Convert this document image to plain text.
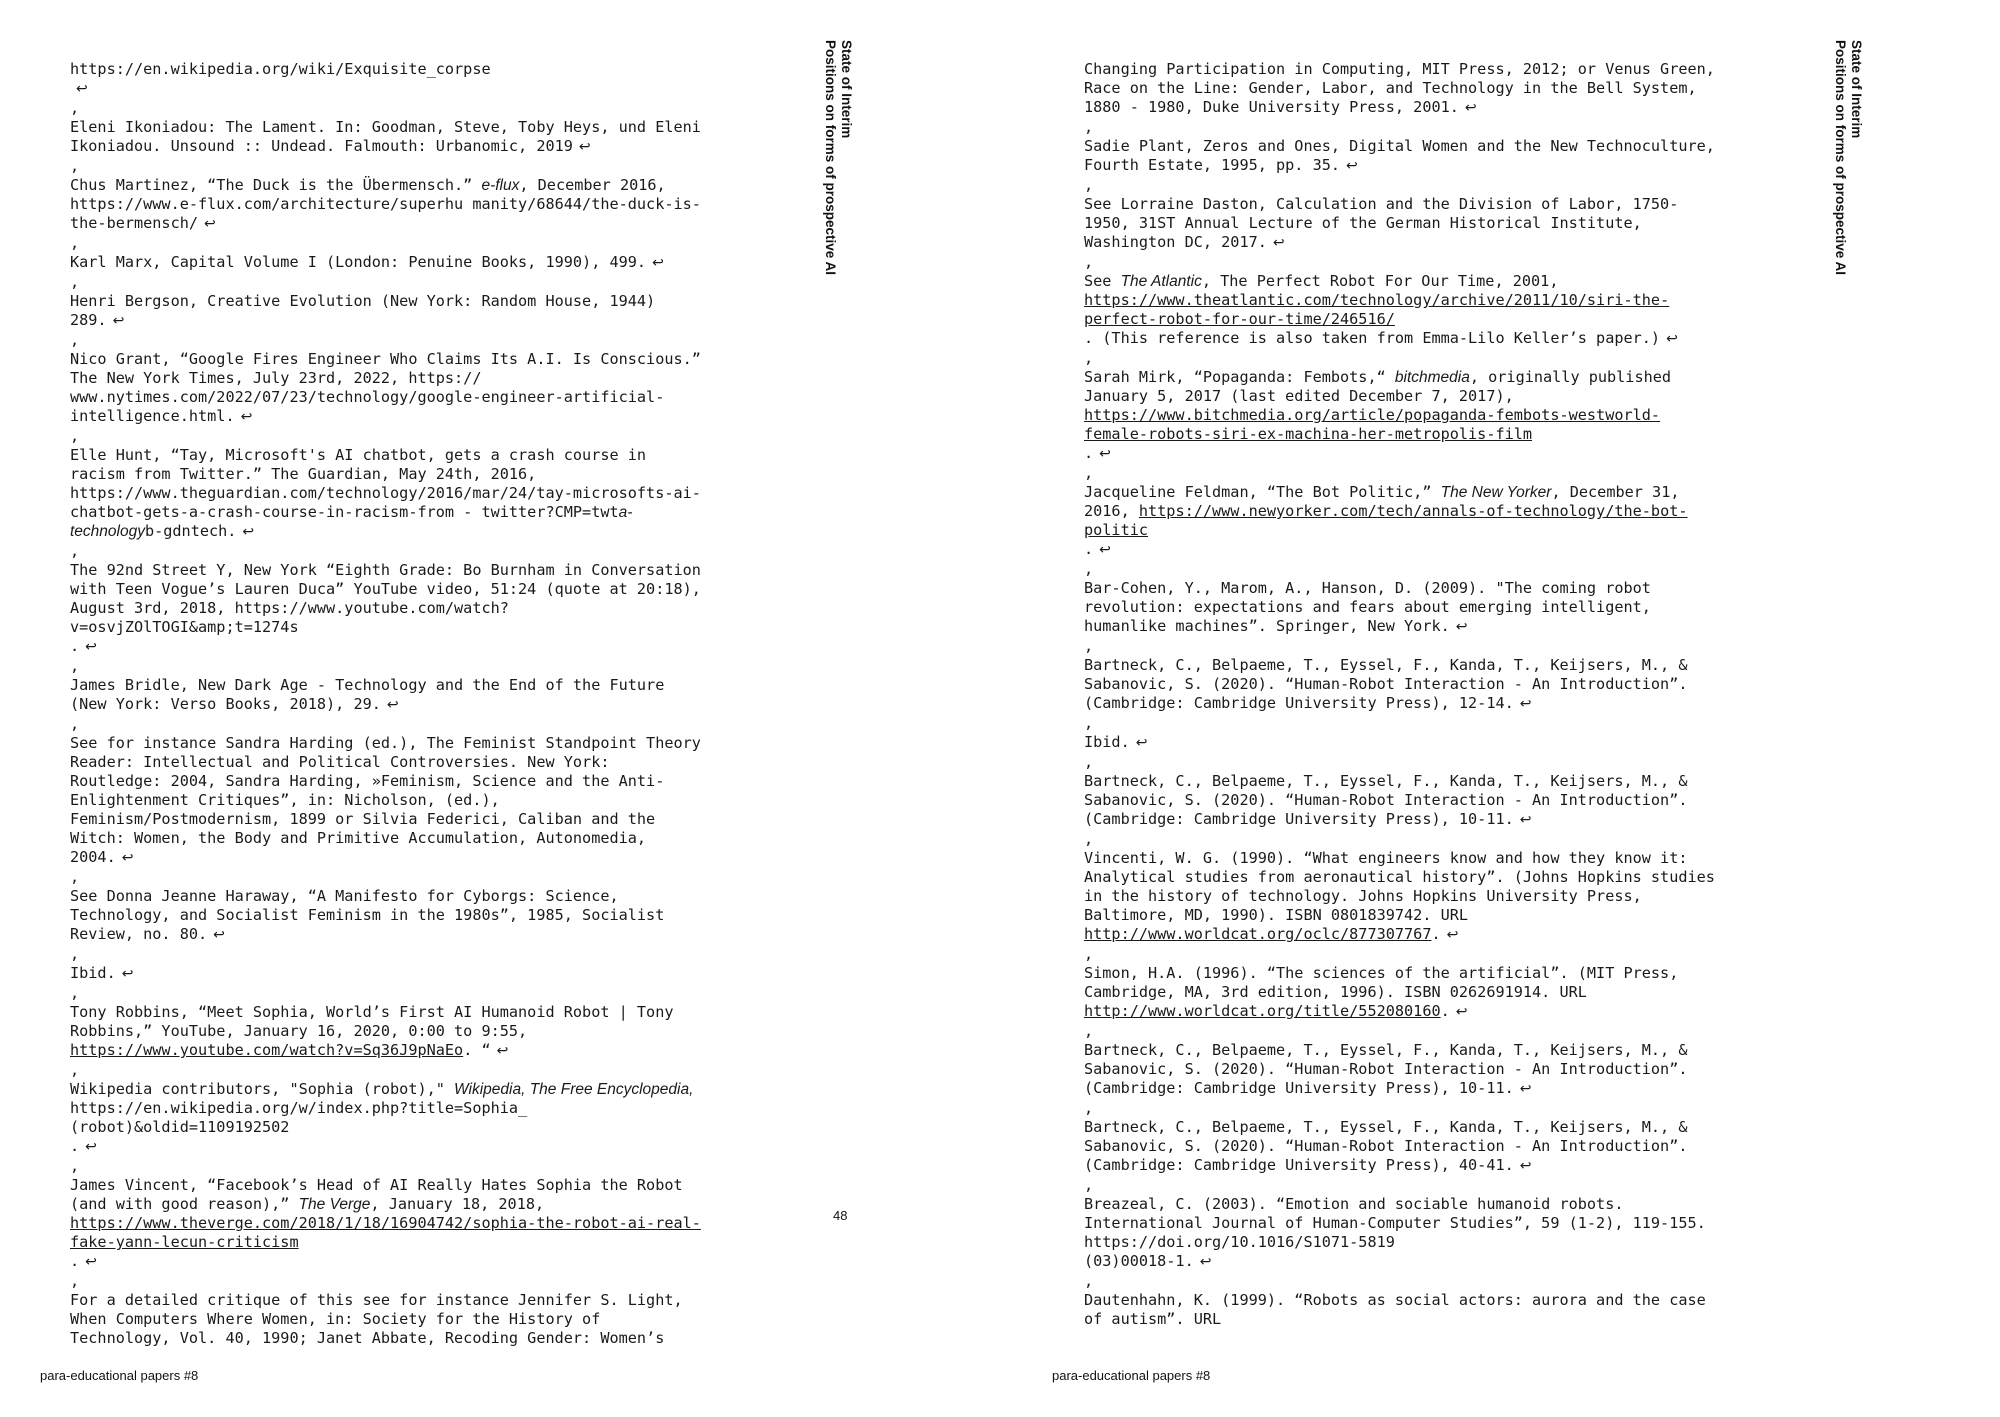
https://en.wikipedia.org/wiki/Exquisite_corpse
↩
,
Eleni Ikoniadou: The Lament. In: Goodman, Steve, Toby Heys, und Eleni Ikoniadou. Unsound :: Undead. Falmouth: Urbanomic, 2019 ↩
,
Chus Martinez, “The Duck is the Übermensch.” e-flux, December 2016, https://www.e-flux.com/architecture/superhu manity/68644/the-duck-is-the-bermensch/ ↩
,
Karl Marx, Capital Volume I (London: Penuine Books, 1990), 499. ↩
,
Henri Bergson, Creative Evolution (New York: Random House, 1944) 289. ↩
,
Nico Grant, “Google Fires Engineer Who Claims Its A.I. Is Conscious.” The New York Times, July 23rd, 2022, https:// www.nytimes.com/2022/07/23/technology/google-engineer-artificial-intelligence.html. ↩
,
Elle Hunt, “Tay, Microsoft's AI chatbot, gets a crash course in racism from Twitter.” The Guardian, May 24th, 2016, https://www.theguardian.com/technology/2016/mar/24/tay-microsofts-ai-chatbot-gets-a-crash-course-in-racism-from - twitter?CMP=twta-technologyb-gdntech. ↩
,
The 92nd Street Y, New York “Eighth Grade: Bo Burnham in Conversation with Teen Vogue’s Lauren Duca” YouTube video, 51:24 (quote at 20:18), August 3rd, 2018, https://www.youtube.com/watch?v=osvjZOlTOGI&amp;t=1274s
. ↩
,
James Bridle, New Dark Age - Technology and the End of the Future (New York: Verso Books, 2018), 29. ↩
,
See for instance Sandra Harding (ed.), The Feminist Standpoint Theory Reader: Intellectual and Political Controversies. New York: Routledge: 2004, Sandra Harding, »Feminism, Science and the Anti-Enlightenment Critiques”, in: Nicholson, (ed.), Feminism/Postmodernism, 1899 or Silvia Federici, Caliban and the Witch: Women, the Body and Primitive Accumulation, Autonomedia, 2004. ↩
,
See Donna Jeanne Haraway, “A Manifesto for Cyborgs: Science, Technology, and Socialist Feminism in the 1980s”, 1985, Socialist Review, no. 80. ↩
,
Ibid. ↩
,
Tony Robbins, “Meet Sophia, World’s First AI Humanoid Robot | Tony Robbins,” YouTube, January 16, 2020, 0:00 to 9:55, https://www.youtube.com/watch?v=Sq36J9pNaEo. “ ↩
,
Wikipedia contributors, "Sophia (robot)," Wikipedia, The Free Encyclopedia,
https://en.wikipedia.org/w/index.php?title=Sophia_
(robot)&oldid=1109192502
. ↩
,
James Vincent, “Facebook’s Head of AI Really Hates Sophia the Robot (and with good reason),” The Verge, January 18, 2018, https://www.theverge.com/2018/1/18/16904742/sophia-the-robot-ai-real-fake-yann-lecun-criticism
. ↩
,
For a detailed critique of this see for instance Jennifer S. Light, When Computers Where Women, in: Society for the History of Technology, Vol. 40, 1990; Janet Abbate, Recoding Gender: Women’s
State of Interim
Positions on forms of prospective AI
48
para-educational papers #8
Changing Participation in Computing, MIT Press, 2012; or Venus Green, Race on the Line: Gender, Labor, and Technology in the Bell System, 1880 - 1980, Duke University Press, 2001. ↩
,
Sadie Plant, Zeros and Ones, Digital Women and the New Technoculture, Fourth Estate, 1995, pp. 35. ↩
,
See Lorraine Daston, Calculation and the Division of Labor, 1750-1950, 31ST Annual Lecture of the German Historical Institute, Washington DC, 2017. ↩
,
See The Atlantic, The Perfect Robot For Our Time, 2001, https://www.theatlantic.com/technology/archive/2011/10/siri-the-perfect-robot-for-our-time/246516/
. (This reference is also taken from Emma-Lilo Keller’s paper.) ↩
,
Sarah Mirk, “Popaganda: Fembots,“ bitchmedia, originally published January 5, 2017 (last edited December 7, 2017), https://www.bitchmedia.org/article/popaganda-fembots-westworld-female-robots-siri-ex-machina-her-metropolis-film
. ↩
,
Jacqueline Feldman, “The Bot Politic,” The New Yorker, December 31, 2016, https://www.newyorker.com/tech/annals-of-technology/the-bot-politic
. ↩
,
Bar-Cohen, Y., Marom, A., Hanson, D. (2009). "The coming robot revolution: expectations and fears about emerging intelligent, humanlike machines”. Springer, New York. ↩
,
Bartneck, C., Belpaeme, T., Eyssel, F., Kanda, T., Keijsers, M., & Sabanovic, S. (2020). “Human-Robot Interaction - An Introduction”. (Cambridge: Cambridge University Press), 12-14. ↩
,
Ibid. ↩
,
Bartneck, C., Belpaeme, T., Eyssel, F., Kanda, T., Keijsers, M., & Sabanovic, S. (2020). “Human-Robot Interaction - An Introduction”. (Cambridge: Cambridge University Press), 10-11. ↩
,
Vincenti, W. G. (1990). “What engineers know and how they know it: Analytical studies from aeronautical history”. (Johns Hopkins studies in the history of technology. Johns Hopkins University Press, Baltimore, MD, 1990). ISBN 0801839742. URL http://www.worldcat.org/oclc/877307767. ↩
,
Simon, H.A. (1996). “The sciences of the artificial”. (MIT Press, Cambridge, MA, 3rd edition, 1996). ISBN 0262691914. URL http://www.worldcat.org/title/552080160. ↩
,
Bartneck, C., Belpaeme, T., Eyssel, F., Kanda, T., Keijsers, M., & Sabanovic, S. (2020). “Human-Robot Interaction - An Introduction”. (Cambridge: Cambridge University Press), 10-11. ↩
,
Bartneck, C., Belpaeme, T., Eyssel, F., Kanda, T., Keijsers, M., & Sabanovic, S. (2020). “Human-Robot Interaction - An Introduction”. (Cambridge: Cambridge University Press), 40-41. ↩
,
Breazeal, C. (2003). “Emotion and sociable humanoid robots. International Journal of Human-Computer Studies”, 59 (1-2), 119-155.
https://doi.org/10.1016/S1071-5819
(03)00018-1. ↩
,
Dautenhahn, K. (1999). “Robots as social actors: aurora and the case of autism”. URL
State of Interim
Positions on forms of prospective AI
para-educational papers #8
